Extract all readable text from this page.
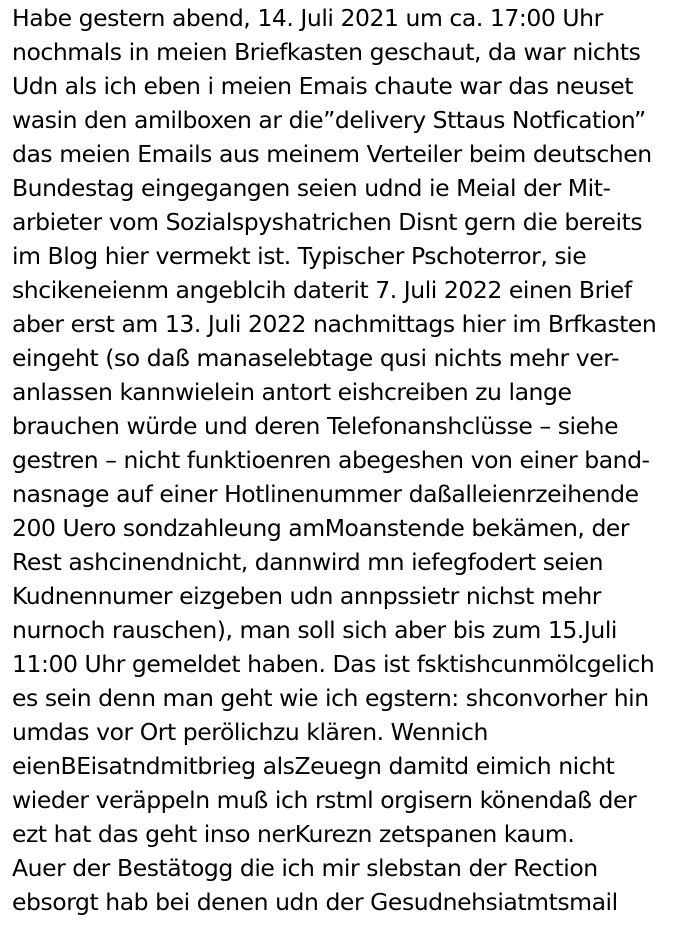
Habe gestern abend, 14. Juli 2021 um ca. 17:00 Uhr
nochmals in meien Briefkasten geschaut, da war nichts
Udn als ich eben i meien Emais chaute war das neuset
wasin den amilboxen ar die”delivery Sttaus Notfication”
das meien Emails aus meinem Verteiler beim deutschen
Bundestag eingegangen seien udnd ie Meial der Mit-
arbieter vom Sozialspyshatrichen Disnt gern die bereits
im Blog hier vermekt ist. Typischer Pschoterror, sie
shcikeneienm angeblcih daterit 7. Juli 2022 einen Brief
aber erst am 13. Juli 2022 nachmittags hier im Brfkasten
eingeht (so daß manaselebtage qusi nichts mehr ver-
anlassen kannwielein antort eishcreiben zu lange
brauchen würde und deren Telefonanshclüsse – siehe
gestren – nicht funktioenren abegeshen von einer band-
nasnage auf einer Hotlinenummer daßalleienrzeihende
200 Uero sondzahleung amMoanstende bekämen, der
Rest ashcinendnicht, dannwird mn iefegfodert seien
Kudnennumer eizgeben udn annpssietr nichst mehr
nurnoch rauschen), man soll sich aber bis zum 15.Juli
11:00 Uhr gemeldet haben. Das ist fsktishcunmölcgelich
es sein denn man geht wie ich egstern: shconvorher hin
umdas vor Ort perölichzu klären. Wennich
eienBEisatndmitbrieg alsZeuegn damitd eimich nicht
wieder veräppeln muß ich rstml orgisern könendaß der
ezt hat das geht inso nerKurezn zetspanen kaum.
Auer der Bestätogg die ich mir slebstan der Rection
ebsorgt hab bei denen udn der Gesudnehsiatmtsmail
